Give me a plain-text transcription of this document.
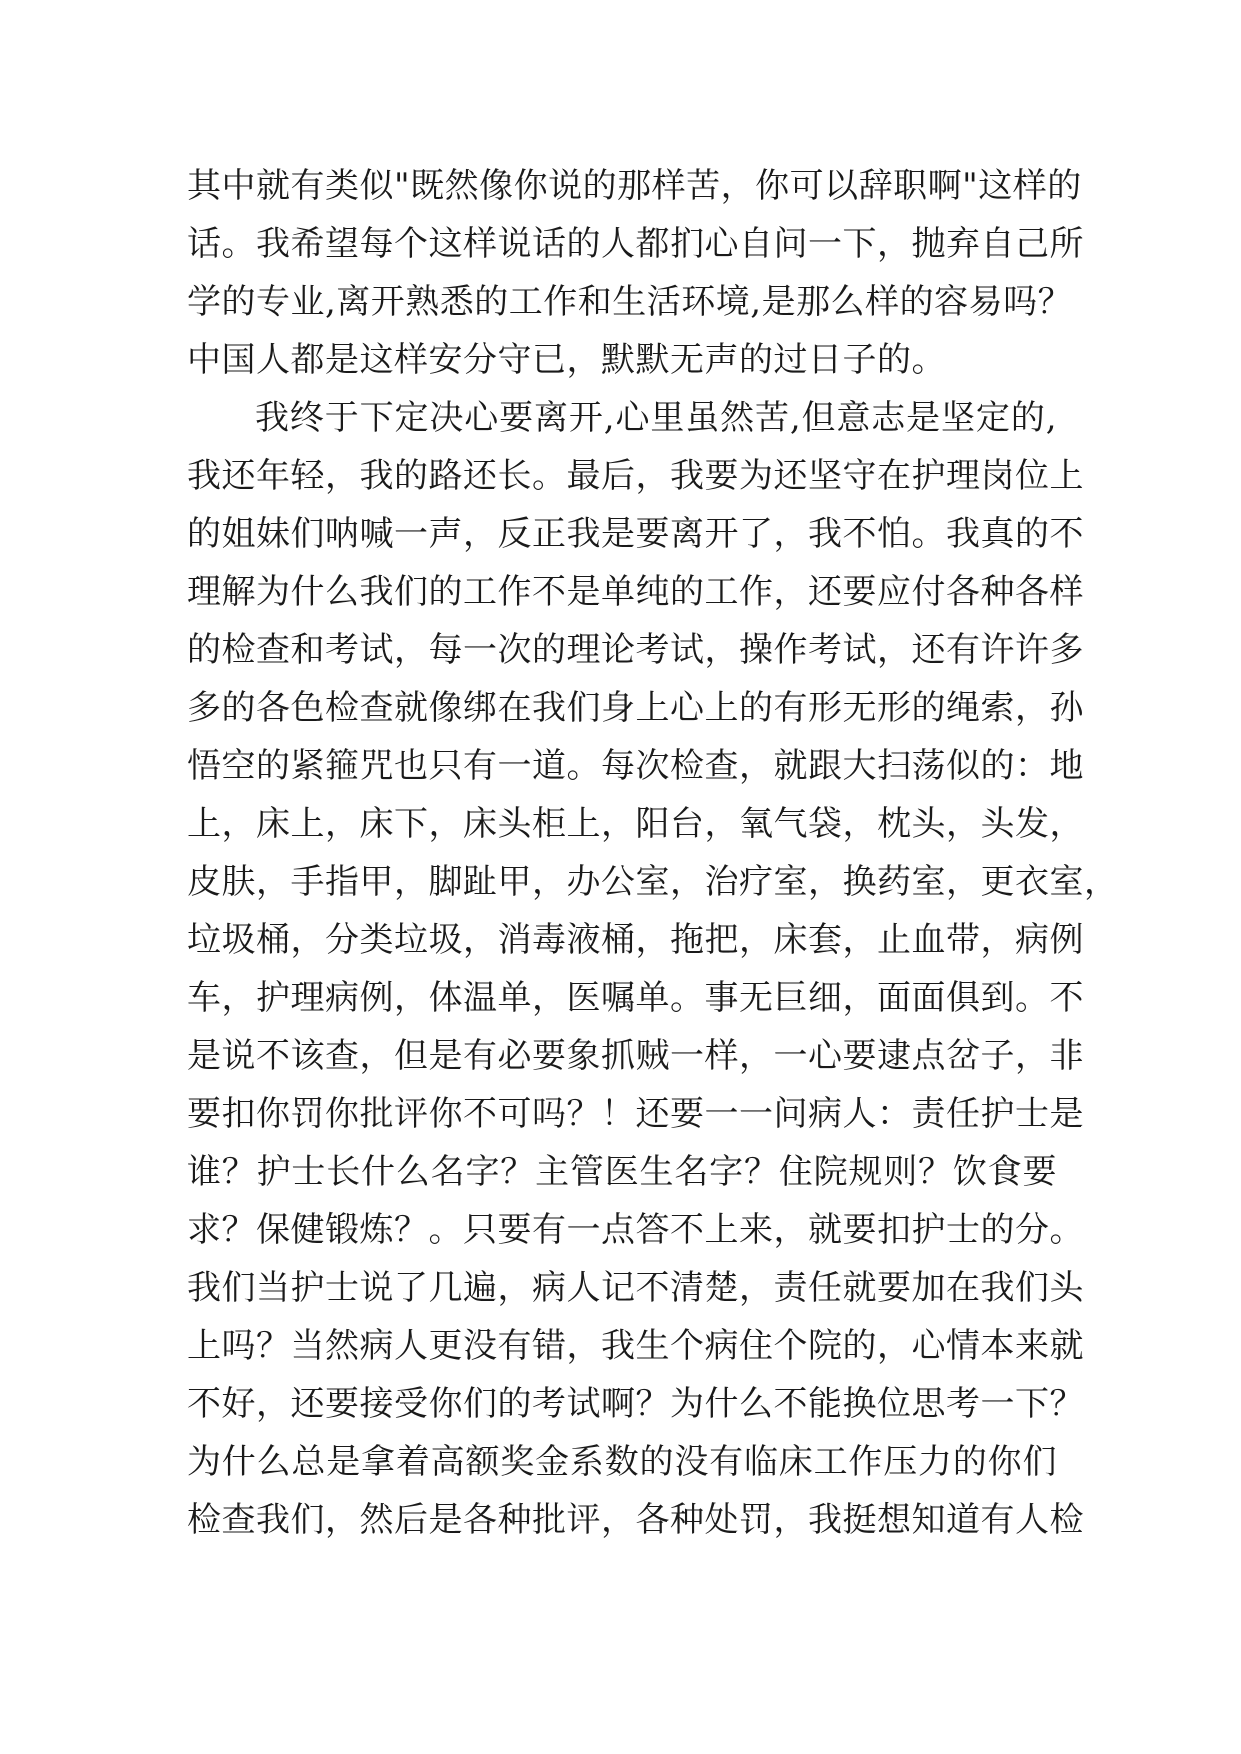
其中就有类似"既然像你说的那样苦，你可以辞职啊"这样的
话。我希望每个这样说话的人都扪心自问一下，抛弃自己所
学的专业,离开熟悉的工作和生活环境,是那么样的容易吗？
中国人都是这样安分守已，默默无声的过日子的。
我终于下定决心要离开,心里虽然苦,但意志是坚定的,
我还年轻，我的路还长。最后，我要为还坚守在护理岗位上
的姐妹们呐喊一声，反正我是要离开了，我不怕。我真的不
理解为什么我们的工作不是单纯的工作，还要应付各种各样
的检查和考试，每一次的理论考试，操作考试，还有许许多
多的各色检查就像绑在我们身上心上的有形无形的绳索，孙
悟空的紧箍咒也只有一道。每次检查，就跟大扫荡似的：地
上，床上，床下，床头柜上，阳台，氧气袋，枕头，头发，
皮肤，手指甲，脚趾甲，办公室，治疗室，换药室，更衣室，
垃圾桶，分类垃圾，消毒液桶，拖把，床套，止血带，病例
车，护理病例，体温单，医嘱单。事无巨细，面面俱到。不
是说不该查，但是有必要象抓贼一样，一心要逮点岔子，非
要扣你罚你批评你不可吗？！还要一一问病人：责任护士是
谁？护士长什么名字？主管医生名字？住院规则？饮食要
求？保健锻炼？。只要有一点答不上来，就要扣护士的分。
我们当护士说了几遍，病人记不清楚，责任就要加在我们头
上吗？当然病人更没有错，我生个病住个院的，心情本来就
不好，还要接受你们的考试啊？为什么不能换位思考一下？
为什么总是拿着高额奖金系数的没有临床工作压力的你们
检查我们，然后是各种批评，各种处罚，我挺想知道有人检
